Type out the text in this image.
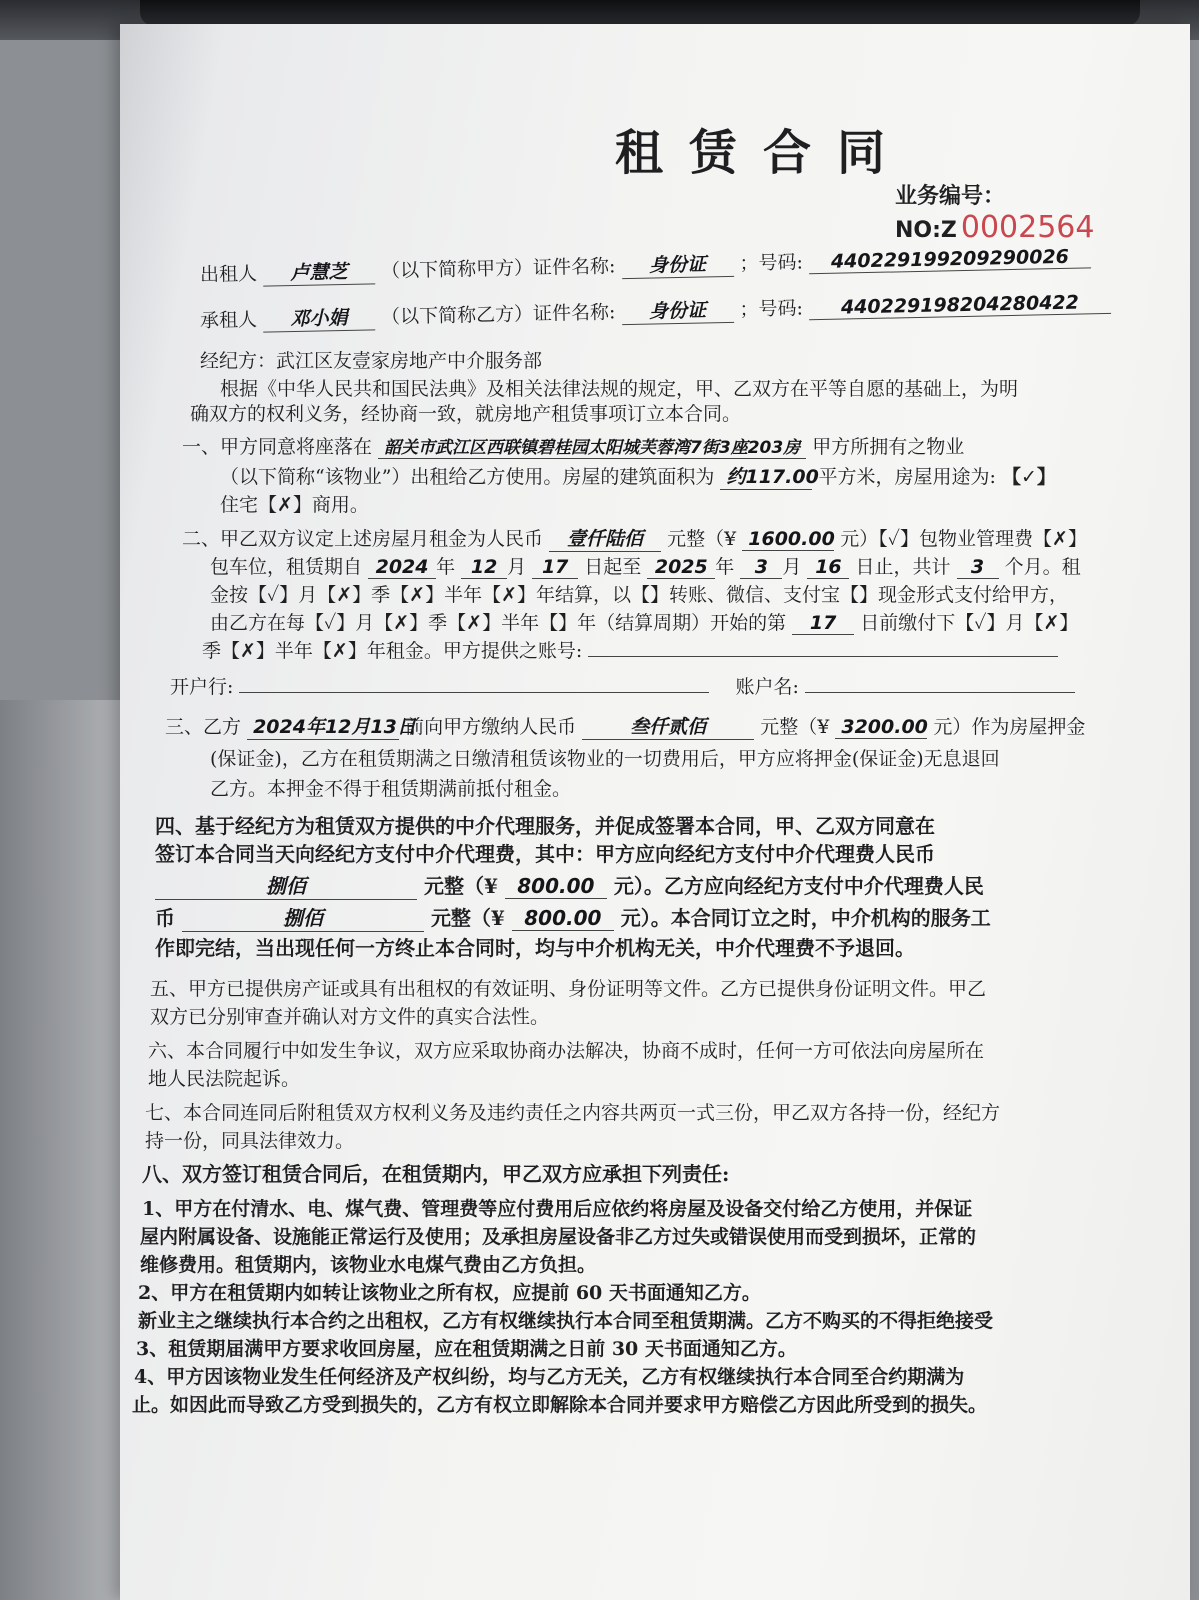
租赁合同
业务编号：NO:Z 0002564
出租人 卢慧芝 （以下简称甲方）证件名称: 身份证 ；号码: 440229199209290026
承租人 邓小娟 （以下简称乙方）证件名称: 身份证 ；号码: 440229198204280422
经纪方：武江区友壹家房地产中介服务部
根据《中华人民共和国民法典》及相关法律法规的规定，甲、乙双方在平等自愿的基础上，为明
确双方的权利义务，经协商一致，就房地产租赁事项订立本合同。
一、甲方同意将座落在 韶关市武江区西联镇碧桂园太阳城芙蓉湾7街3座203房 甲方所拥有之物业
（以下简称“该物业”）出租给乙方使用。房屋的建筑面积为 约117.00 平方米，房屋用途为: 【✓】
住宅【✗】商用。
二、甲乙双方议定上述房屋月租金为人民币 壹仟陆佰 元整（¥ 1600.00 元）【✓】包物业管理费【✗】
包车位，租赁期自 2024 年 12 月 17 日起至 2025 年 3 月 16 日止，共计 3 个月。租
金按【✓】月【✗】季【✗】半年【✗】年结算，以【】转账、微信、支付宝【】现金形式支付给甲方，
由乙方在每【✓】月【✗】季【✗】半年【】年（结算周期）开始的第 17 日前缴付下【✓】月【✗】
季【✗】半年【✗】年租金。甲方提供之账号:
开户行:	账户名:
三、乙方 2024年12月13日 前向甲方缴纳人民币	叁仟贰佰	元整（¥ 3200.00 元）作为房屋押金
(保证金)，乙方在租赁期满之日缴清租赁该物业的一切费用后，甲方应将押金(保证金)无息退回
乙方。本押金不得于租赁期满前抵付租金。
四、基于经纪方为租赁双方提供的中介代理服务，并促成签署本合同，甲、乙双方同意在
签订本合同当天向经纪方支付中介代理费，其中：甲方应向经纪方支付中介代理费人民币
捌佰	元整（¥ 800.00 元）。乙方应向经纪方支付中介代理费人民
币	捌佰	元整（¥ 800.00 元）。本合同订立之时，中介机构的服务工
作即完结，当出现任何一方终止本合同时，均与中介机构无关，中介代理费不予退回。
五、甲方已提供房产证或具有出租权的有效证明、身份证明等文件。乙方已提供身份证明文件。甲乙
双方已分别审查并确认对方文件的真实合法性。
六、本合同履行中如发生争议，双方应采取协商办法解决，协商不成时，任何一方可依法向房屋所在
地人民法院起诉。
七、本合同连同后附租赁双方权利义务及违约责任之内容共两页一式三份，甲乙双方各持一份，经纪方
持一份，同具法律效力。
八、双方签订租赁合同后，在租赁期内，甲乙双方应承担下列责任:
1、甲方在付清水、电、煤气费、管理费等应付费用后应依约将房屋及设备交付给乙方使用，并保证
屋内附属设备、设施能正常运行及使用；及承担房屋设备非乙方过失或错误使用而受到损坏，正常的
维修费用。租赁期内，该物业水电煤气费由乙方负担。
2、甲方在租赁期内如转让该物业之所有权，应提前 60 天书面通知乙方。
新业主之继续执行本合约之出租权，乙方有权继续执行本合同至租赁期满。乙方不购买的不得拒绝接受
3、租赁期届满甲方要求收回房屋，应在租赁期满之日前 30 天书面通知乙方。
4、甲方因该物业发生任何经济及产权纠纷，均与乙方无关，乙方有权继续执行本合同至合约期满为
止。如因此而导致乙方受到损失的，乙方有权立即解除本合同并要求甲方赔偿乙方因此所受到的损失。
